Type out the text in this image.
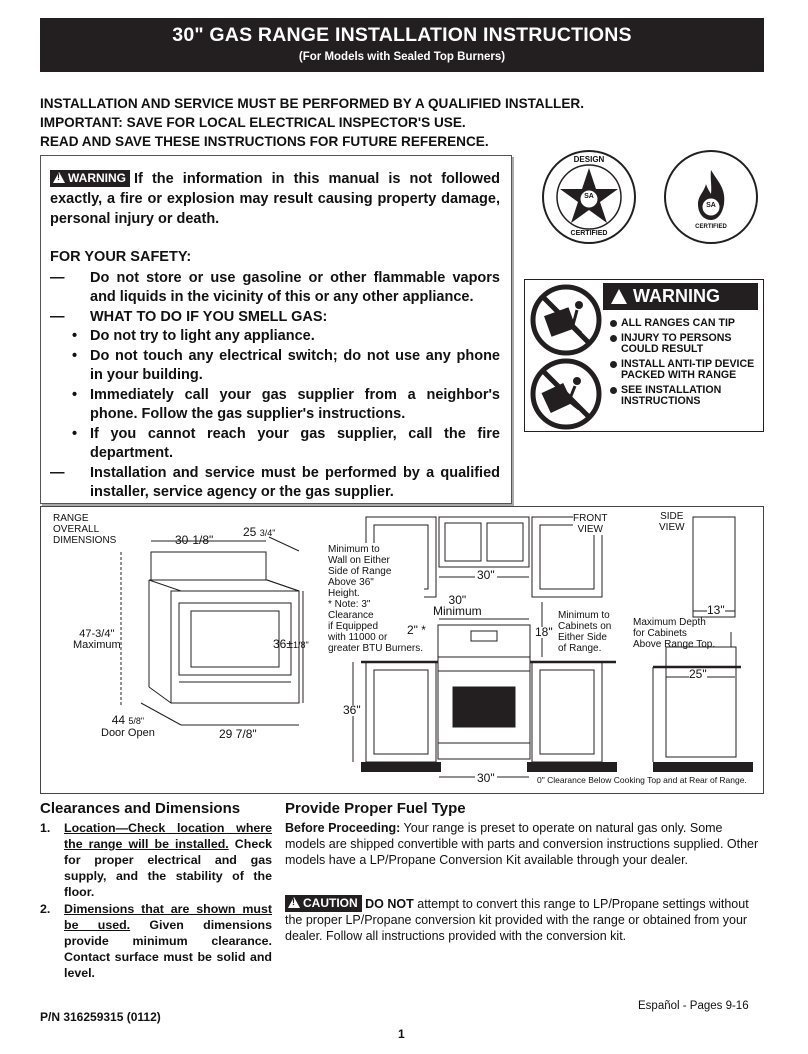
30" GAS RANGE INSTALLATION INSTRUCTIONS
(For Models with Sealed Top Burners)
INSTALLATION AND SERVICE MUST BE PERFORMED BY A QUALIFIED INSTALLER.
IMPORTANT: SAVE FOR LOCAL ELECTRICAL INSPECTOR'S USE.
READ AND SAVE THESE INSTRUCTIONS FOR FUTURE REFERENCE.
!WARNING If the information in this manual is not followed exactly, a fire or explosion may result causing property damage, personal injury or death.
FOR YOUR SAFETY:
— Do not store or use gasoline or other flammable vapors and liquids in the vicinity of this or any other appliance.
— WHAT TO DO IF YOU SMELL GAS:
• Do not try to light any appliance.
• Do not touch any electrical switch; do not use any phone in your building.
• Immediately call your gas supplier from a neighbor's phone. Follow the gas supplier's instructions.
• If you cannot reach your gas supplier, call the fire department.
— Installation and service must be performed by a qualified installer, service agency or the gas supplier.
DESIGN
SA
CERTIFIED
SA
CERTIFIED
WARNING
ALL RANGES CAN TIP
INJURY TO PERSONS COULD RESULT
INSTALL ANTI-TIP DEVICE PACKED WITH RANGE
SEE INSTALLATION INSTRUCTIONS
RANGE
OVERALL
DIMENSIONS	30-1/8"
25 3/4"
47-3/4"
Maximum	36±1/8"
44 5/8"
Door Open	29 7/8"
Minimum to
Wall on Either
Side of Range
Above 36"
Height.
* Note: 3"
Clearance
if Equipped
with 11000 or
greater BTU Burners.
FRONT
VIEW
SIDE
VIEW
30"
30"
Minimum
2" *	18"
Minimum to
Cabinets on
Either Side
of Range.
13"
Maximum Depth
for Cabinets
Above Range Top.
25"
36"
30"	0" Clearance Below Cooking Top and at Rear of Range.
Clearances and Dimensions
1. Location—Check location where the range will be installed. Check for proper electrical and gas supply, and the stability of the floor.
2. Dimensions that are shown must be used. Given dimensions provide minimum clearance. Contact surface must be solid and level.
Provide Proper Fuel Type
Before Proceeding: Your range is preset to operate on natural gas only. Some models are shipped convertible with parts and conversion instructions supplied. Other models have a LP/Propane Conversion Kit available through your dealer.
!CAUTION DO NOT attempt to convert this range to LP/Propane settings without the proper LP/Propane conversion kit provided with the range or obtained from your dealer. Follow all instructions provided with the conversion kit.
Español - Pages 9-16
P/N 316259315 (0112)
1
